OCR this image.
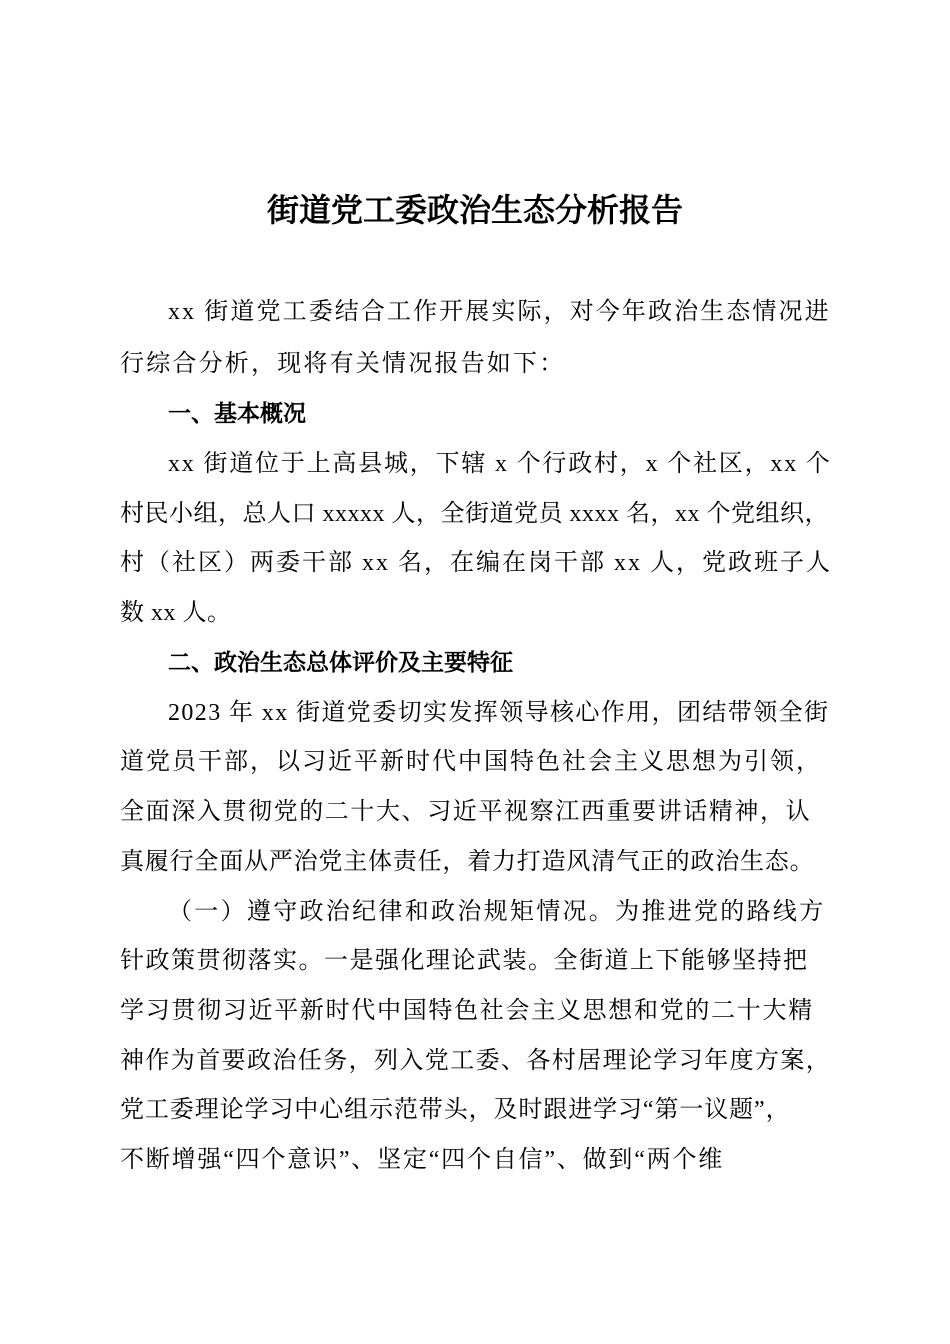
街道党工委政治生态分析报告
xx 街道党工委结合工作开展实际，对今年政治生态情况进
行综合分析，现将有关情况报告如下：
一、基本概况
xx 街道位于上高县城，下辖 x 个行政村，x 个社区，xx 个
村民小组，总人口 xxxxx 人，全街道党员 xxxx 名，xx 个党组织，
村（社区）两委干部 xx 名，在编在岗干部 xx 人，党政班子人
数 xx 人。
二、政治生态总体评价及主要特征
2023 年 xx 街道党委切实发挥领导核心作用，团结带领全街
道党员干部，以习近平新时代中国特色社会主义思想为引领，
全面深入贯彻党的二十大、习近平视察江西重要讲话精神，认
真履行全面从严治党主体责任，着力打造风清气正的政治生态。
（一）遵守政治纪律和政治规矩情况。为推进党的路线方
针政策贯彻落实。一是强化理论武装。全街道上下能够坚持把
学习贯彻习近平新时代中国特色社会主义思想和党的二十大精
神作为首要政治任务，列入党工委、各村居理论学习年度方案，
党工委理论学习中心组示范带头，及时跟进学习“第一议题”，
不断增强“四个意识”、坚定“四个自信”、做到“两个维
